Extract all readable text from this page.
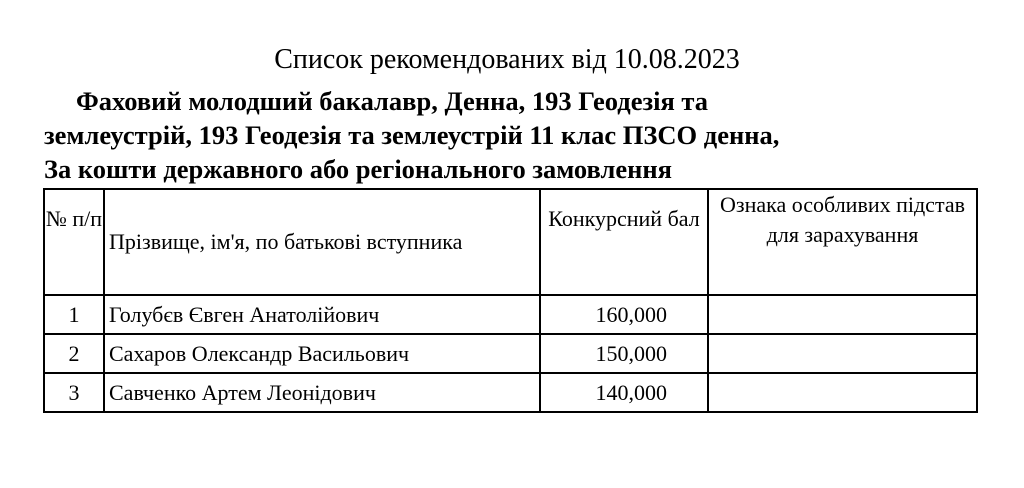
Список рекомендованих від 10.08.2023
Фаховий молодший бакалавр, Денна, 193 Геодезія та
землеустрій, 193 Геодезія та землеустрій 11 клас ПЗСО денна,
За кошти державного або регіонального замовлення
№ п/п	Прізвище, ім'я, по батькові вступника	Конкурсний бал	Ознака особливих підстав для зарахування

1	Голубєв Євген Анатолійович	160,000	
2	Сахаров Олександр Васильович	150,000	
3	Савченко Артем Леонідович	140,000	
